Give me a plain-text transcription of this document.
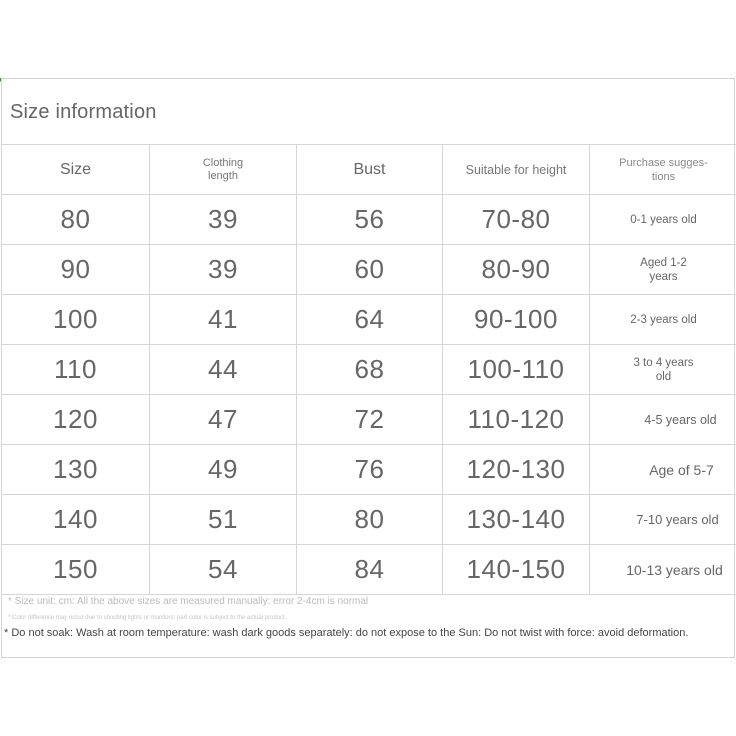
Size information
Size	Clothing length	Bust	Suitable for height	Purchase sugges- tions
80	39	56	70-80	0-1 years old
90	39	60	80-90	Aged 1-2 years
100	41	64	90-100	2-3 years old
110	44	68	100-110	3 to 4 years old
120	47	72	110-120	4-5 years old
130	49	76	120-130	Age of 5-7
140	51	80	130-140	7-10 years old
150	54	84	140-150	10-13 years old
* Size unit: cm: All the above sizes are measured manually: error 2-4cm is normal
* Color difference may occur due to shooting lights or monitors: part color is subject to the actual product.
* Do not soak: Wash at room temperature: wash dark goods separately: do not expose to the Sun: Do not twist with force: avoid deformation.
